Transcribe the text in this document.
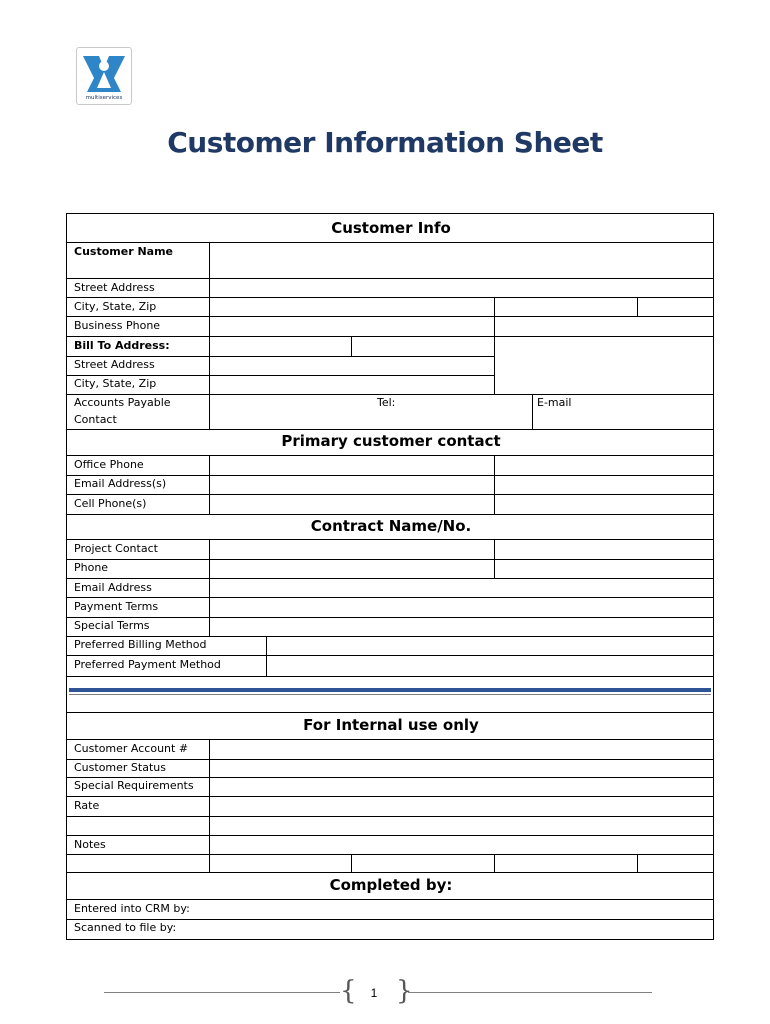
multiservices
Customer Information Sheet
Customer Info
Customer Name
Street Address
City, State, Zip
Business Phone
Bill To Address:
Street Address
City, State, Zip
Accounts Payable
Contact
Tel:	E-mail
Primary customer contact
Office Phone
Email Address(s)
Cell Phone(s)
Contract Name/No.
Project Contact
Phone
Email Address
Payment Terms
Special Terms
Preferred Billing Method
Preferred Payment Method
For Internal use only
Customer Account #
Customer Status
Special Requirements
Rate
Notes
Completed by:
Entered into CRM by:
Scanned to file by:
{ }
1
